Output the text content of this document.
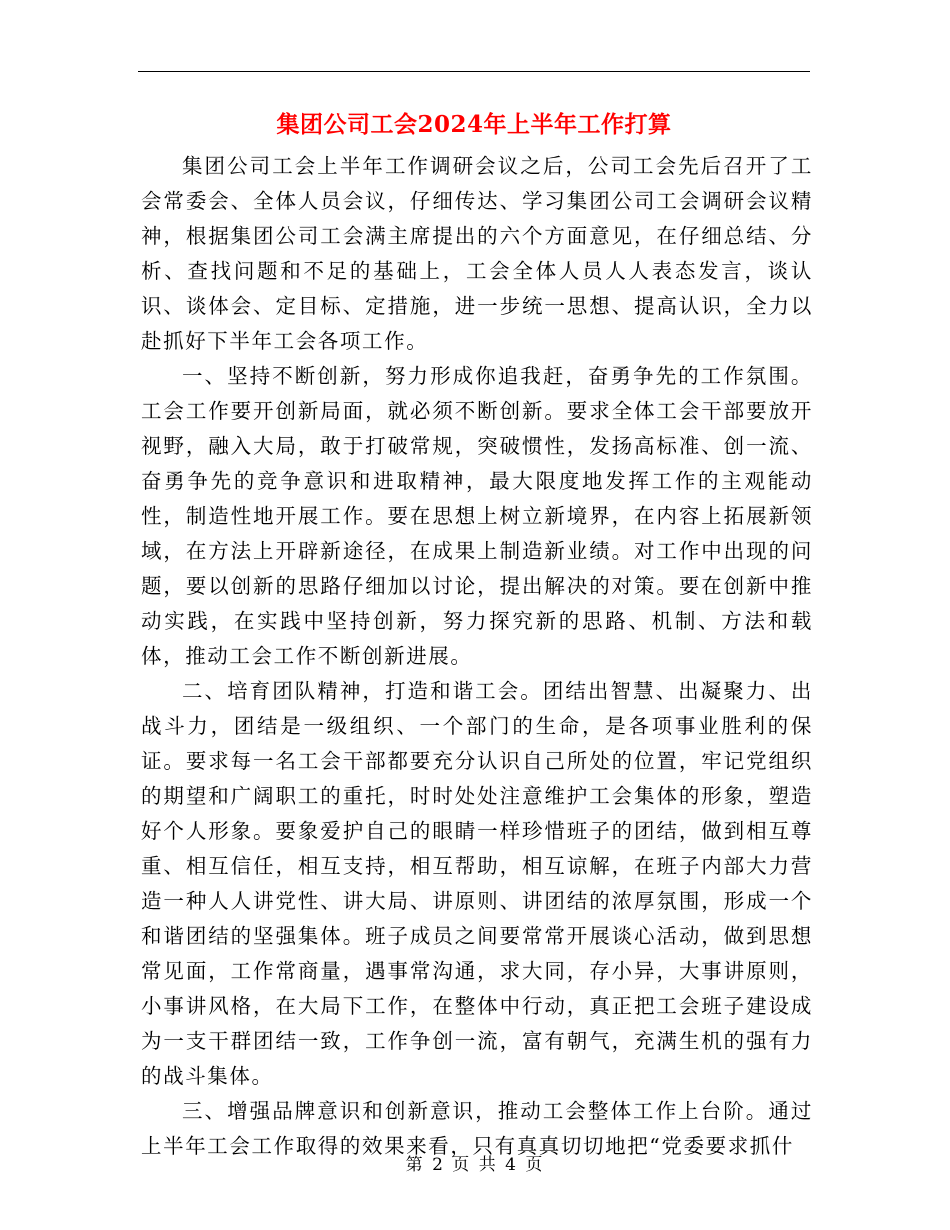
集团公司工会2024年上半年工作打算

集团公司工会上半年工作调研会议之后，公司工会先后召开了工会常委会、全体人员会议，仔细传达、学习集团公司工会调研会议精神，根据集团公司工会满主席提出的六个方面意见，在仔细总结、分析、查找问题和不足的基础上，工会全体人员人人表态发言，谈认识、谈体会、定目标、定措施，进一步统一思想、提高认识，全力以赴抓好下半年工会各项工作。

一、坚持不断创新，努力形成你追我赶，奋勇争先的工作氛围。工会工作要开创新局面，就必须不断创新。要求全体工会干部要放开视野，融入大局，敢于打破常规，突破惯性，发扬高标准、创一流、奋勇争先的竞争意识和进取精神，最大限度地发挥工作的主观能动性，制造性地开展工作。要在思想上树立新境界，在内容上拓展新领域，在方法上开辟新途径，在成果上制造新业绩。对工作中出现的问题，要以创新的思路仔细加以讨论，提出解决的对策。要在创新中推动实践，在实践中坚持创新，努力探究新的思路、机制、方法和载体，推动工会工作不断创新进展。

二、培育团队精神，打造和谐工会。团结出智慧、出凝聚力、出战斗力，团结是一级组织、一个部门的生命，是各项事业胜利的保证。要求每一名工会干部都要充分认识自己所处的位置，牢记党组织的期望和广阔职工的重托，时时处处注意维护工会集体的形象，塑造好个人形象。要象爱护自己的眼睛一样珍惜班子的团结，做到相互尊重、相互信任，相互支持，相互帮助，相互谅解，在班子内部大力营造一种人人讲党性、讲大局、讲原则、讲团结的浓厚氛围，形成一个和谐团结的坚强集体。班子成员之间要常常开展谈心活动，做到思想常见面，工作常商量，遇事常沟通，求大同，存小异，大事讲原则，小事讲风格，在大局下工作，在整体中行动，真正把工会班子建设成为一支干群团结一致，工作争创一流，富有朝气，充满生机的强有力的战斗集体。

三、增强品牌意识和创新意识，推动工会整体工作上台阶。通过上半年工会工作取得的效果来看，只有真真切切地把“党委要求抓什

第 2 页 共 4 页
